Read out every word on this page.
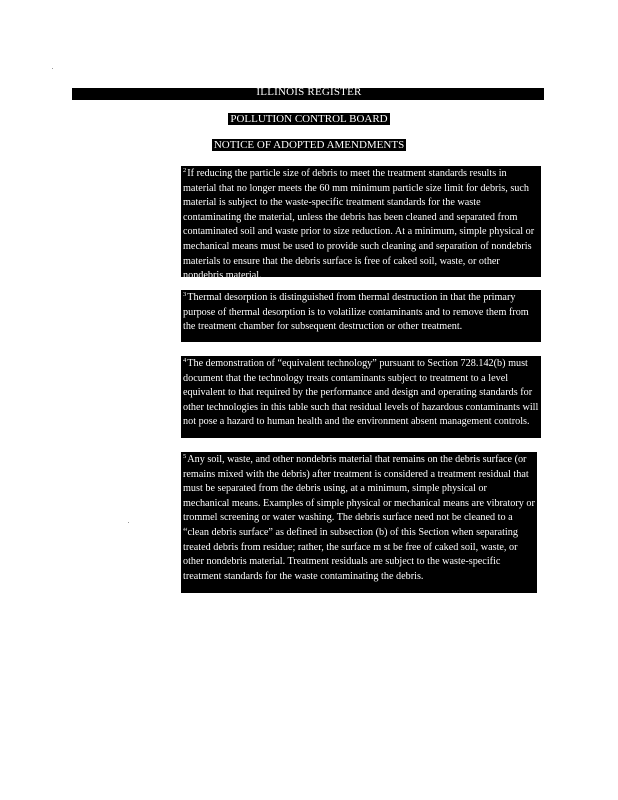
ILLINOIS REGISTER
POLLUTION CONTROL BOARD
NOTICE OF ADOPTED AMENDMENTS
$^2$If reducing the particle size of debris to meet the treatment standards results in material that no longer meets the 60 mm minimum particle size limit for debris, such material is subject to the waste-specific treatment standards for the waste contaminating the material, unless the debris has been cleaned and separated from contaminated soil and waste prior to size reduction. At a minimum, simple physical or mechanical means must be used to provide such cleaning and separation of nondebris materials to ensure that the debris surface is free of caked soil, waste, or other nondebris material.
$^3$Thermal desorption is distinguished from thermal destruction in that the primary purpose of thermal desorption is to volatilize contaminants and to remove them from the treatment chamber for subsequent destruction or other treatment.
$^4$The demonstration of “equivalent technology” pursuant to Section 728.142(b) must document that the technology treats contaminants subject to treatment to a level equivalent to that required by the performance and design and operating standards for other technologies in this table such that residual levels of hazardous contaminants will not pose a hazard to human health and the environment absent management controls.
$^5$Any soil, waste, and other nondebris material that remains on the debris surface (or remains mixed with the debris) after treatment is considered a treatment residual that must be separated from the debris using, at a minimum, simple physical or mechanical means. Examples of simple physical or mechanical means are vibratory or trommel screening or water washing. The debris surface need not be cleaned to a “clean debris surface” as defined in subsection (b) of this Section when separating treated debris from residue; rather, the surface m st be free of caked soil, waste, or other nondebris material. Treatment residuals are subject to the waste-specific treatment standards for the waste contaminating the debris.
